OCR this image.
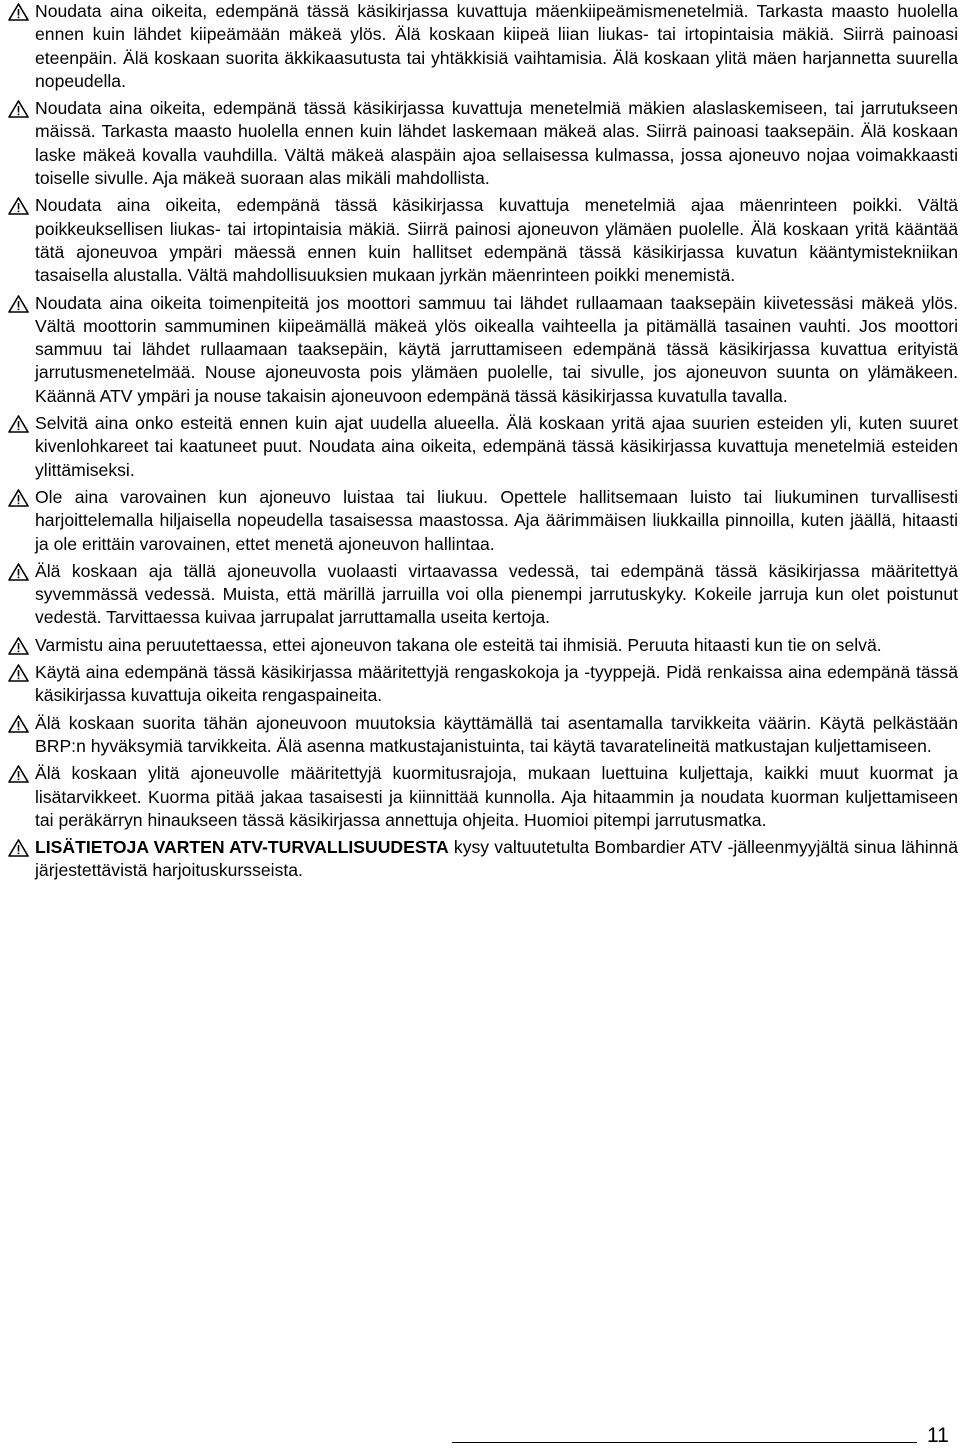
Noudata aina oikeita, edempänä tässä käsikirjassa kuvattuja mäenkiipeämismenetelmiä. Tarkasta maasto huolella ennen kuin lähdet kiipeämään mäkeä ylös. Älä koskaan kiipeä liian liukas- tai irtopintaisia mäkiä. Siirrä painoasi eteenpäin. Älä koskaan suorita äkkikaasutusta tai yhtäkkisiä vaihtamisia. Älä koskaan ylitä mäen harjannetta suurella nopeudella.

Noudata aina oikeita, edempänä tässä käsikirjassa kuvattuja menetelmiä mäkien alaslaskemiseen, tai jarrutukseen mäissä. Tarkasta maasto huolella ennen kuin lähdet laskemaan mäkeä alas. Siirrä painoasi taaksepäin. Älä koskaan laske mäkeä kovalla vauhdilla. Vältä mäkeä alaspäin ajoa sellaisessa kulmassa, jossa ajoneuvo nojaa voimakkaasti toiselle sivulle. Aja mäkeä suoraan alas mikäli mahdollista.

Noudata aina oikeita, edempänä tässä käsikirjassa kuvattuja menetelmiä ajaa mäenrinteen poikki. Vältä poikkeuksellisen liukas- tai irtopintaisia mäkiä. Siirrä painosi ajoneuvon ylämäen puolelle. Älä koskaan yritä kääntää tätä ajoneuvoa ympäri mäessä ennen kuin hallitset edempänä tässä käsikirjassa kuvatun kääntymistekniikan tasaisella alustalla. Vältä mahdollisuuksien mukaan jyrkän mäenrinteen poikki menemistä.

Noudata aina oikeita toimenpiteitä jos moottori sammuu tai lähdet rullaamaan taaksepäin kiivetessäsi mäkeä ylös. Vältä moottorin sammuminen kiipeämällä mäkeä ylös oikealla vaihteella ja pitämällä tasainen vauhti. Jos moottori sammuu tai lähdet rullaamaan taaksepäin, käytä jarruttamiseen edempänä tässä käsikirjassa kuvattua erityistä jarrutusmenetelmää. Nouse ajoneuvosta pois ylämäen puolelle, tai sivulle, jos ajoneuvon suunta on ylämäkeen. Käännä ATV ympäri ja nouse takaisin ajoneuvoon edempänä tässä käsikirjassa kuvatulla tavalla.

Selvitä aina onko esteitä ennen kuin ajat uudella alueella. Älä koskaan yritä ajaa suurien esteiden yli, kuten suuret kivenlohkareet tai kaatuneet puut. Noudata aina oikeita, edempänä tässä käsikirjassa kuvattuja menetelmiä esteiden ylittämiseksi.

Ole aina varovainen kun ajoneuvo luistaa tai liukuu. Opettele hallitsemaan luisto tai liukuminen turvallisesti harjoittelemalla hiljaisella nopeudella tasaisessa maastossa. Aja äärimmäisen liukkailla pinnoilla, kuten jäällä, hitaasti ja ole erittäin varovainen, ettet menetä ajoneuvon hallintaa.

Älä koskaan aja tällä ajoneuvolla vuolaasti virtaavassa vedessä, tai edempänä tässä käsikirjassa määritettyä syvemmässä vedessä. Muista, että märillä jarruilla voi olla pienempi jarrutuskyky. Kokeile jarruja kun olet poistunut vedestä. Tarvittaessa kuivaa jarrupalat jarruttamalla useita kertoja.

Varmistu aina peruutettaessa, ettei ajoneuvon takana ole esteitä tai ihmisiä. Peruuta hitaasti kun tie on selvä.

Käytä aina edempänä tässä käsikirjassa määritettyjä rengaskokoja ja -tyyppejä. Pidä renkaissa aina edempänä tässä käsikirjassa kuvattuja oikeita rengaspaineita.

Älä koskaan suorita tähän ajoneuvoon muutoksia käyttämällä tai asentamalla tarvikkeita väärin. Käytä pelkästään BRP:n hyväksymiä tarvikkeita. Älä asenna matkustajanistuinta, tai käytä tavaratelineitä matkustajan kuljettamiseen.

Älä koskaan ylitä ajoneuvolle määritettyjä kuormitusrajoja, mukaan luettuina kuljettaja, kaikki muut kuormat ja lisätarvikkeet. Kuorma pitää jakaa tasaisesti ja kiinnittää kunnolla. Aja hitaammin ja noudata kuorman kuljettamiseen tai peräkärryn hinaukseen tässä käsikirjassa annettuja ohjeita. Huomioi pitempi jarrutusmatka.

LISÄTIETOJA VARTEN ATV-TURVALLISUUDESTA kysy valtuutetulta Bombardier ATV -jälleenmyyjältä sinua lähinnä järjestettävistä harjoituskursseista.

11
